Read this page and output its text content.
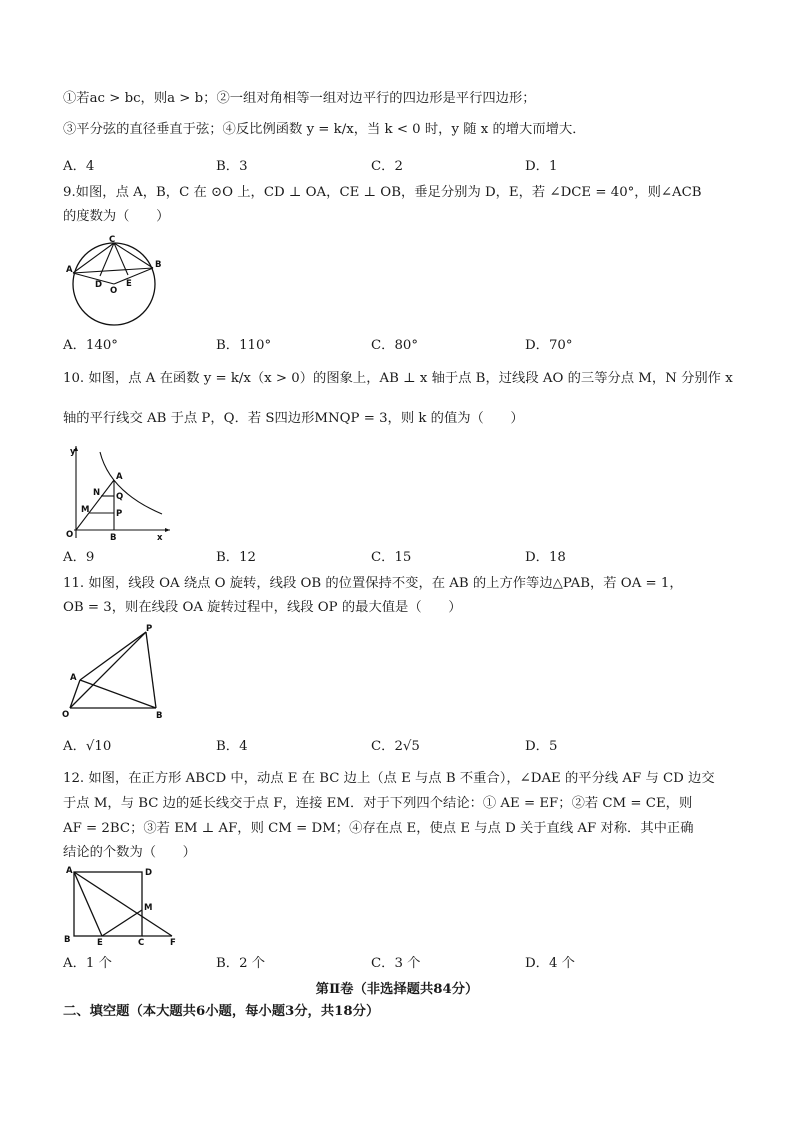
①若ac > bc，则a > b；②一组对角相等一组对边平行的四边形是平行四边形；
③平分弦的直径垂直于弦；④反比例函数 y = k/x，当 k < 0 时，y 随 x 的增大而增大．
A．4	B．3	C．2	D．1
9.如图，点 A，B，C 在 ⊙O 上，CD ⊥ OA，CE ⊥ OB，垂足分别为 D，E，若 ∠DCE = 40°，则∠ACB
的度数为（　　）
C
A	B
D	E
O
A．140°	B．110°	C．80°	D．70°
10. 如图，点 A 在函数 y = k/x（x > 0）的图象上，AB ⊥ x 轴于点 B，过线段 AO 的三等分点 M，N 分别作 x
轴的平行线交 AB 于点 P，Q．若 S四边形MNQP = 3，则 k 的值为（　　）
y
x
O
A
B
N Q
M	P
A．9	B．12	C．15	D．18
11. 如图，线段 OA 绕点 O 旋转，线段 OB 的位置保持不变，在 AB 的上方作等边△PAB，若 OA = 1，
OB = 3，则在线段 OA 旋转过程中，线段 OP 的最大值是（　　）
P
A
O	B
A．√10	B．4	C．2√5	D．5
12. 如图，在正方形 ABCD 中，动点 E 在 BC 边上（点 E 与点 B 不重合），∠DAE 的平分线 AF 与 CD 边交
于点 M，与 BC 边的延长线交于点 F，连接 EM．对于下列四个结论：① AE = EF；②若 CM = CE，则
AF = 2BC；③若 EM ⊥ AF，则 CM = DM；④存在点 E，使点 E 与点 D 关于直线 AF 对称．其中正确
结论的个数为（　　）
A	D
M
B	E	C	F
A．1 个	B．2 个	C．3 个	D．4 个
第Ⅱ卷（非选择题共84分）
二、填空题（本大题共6小题，每小题3分，共18分）
